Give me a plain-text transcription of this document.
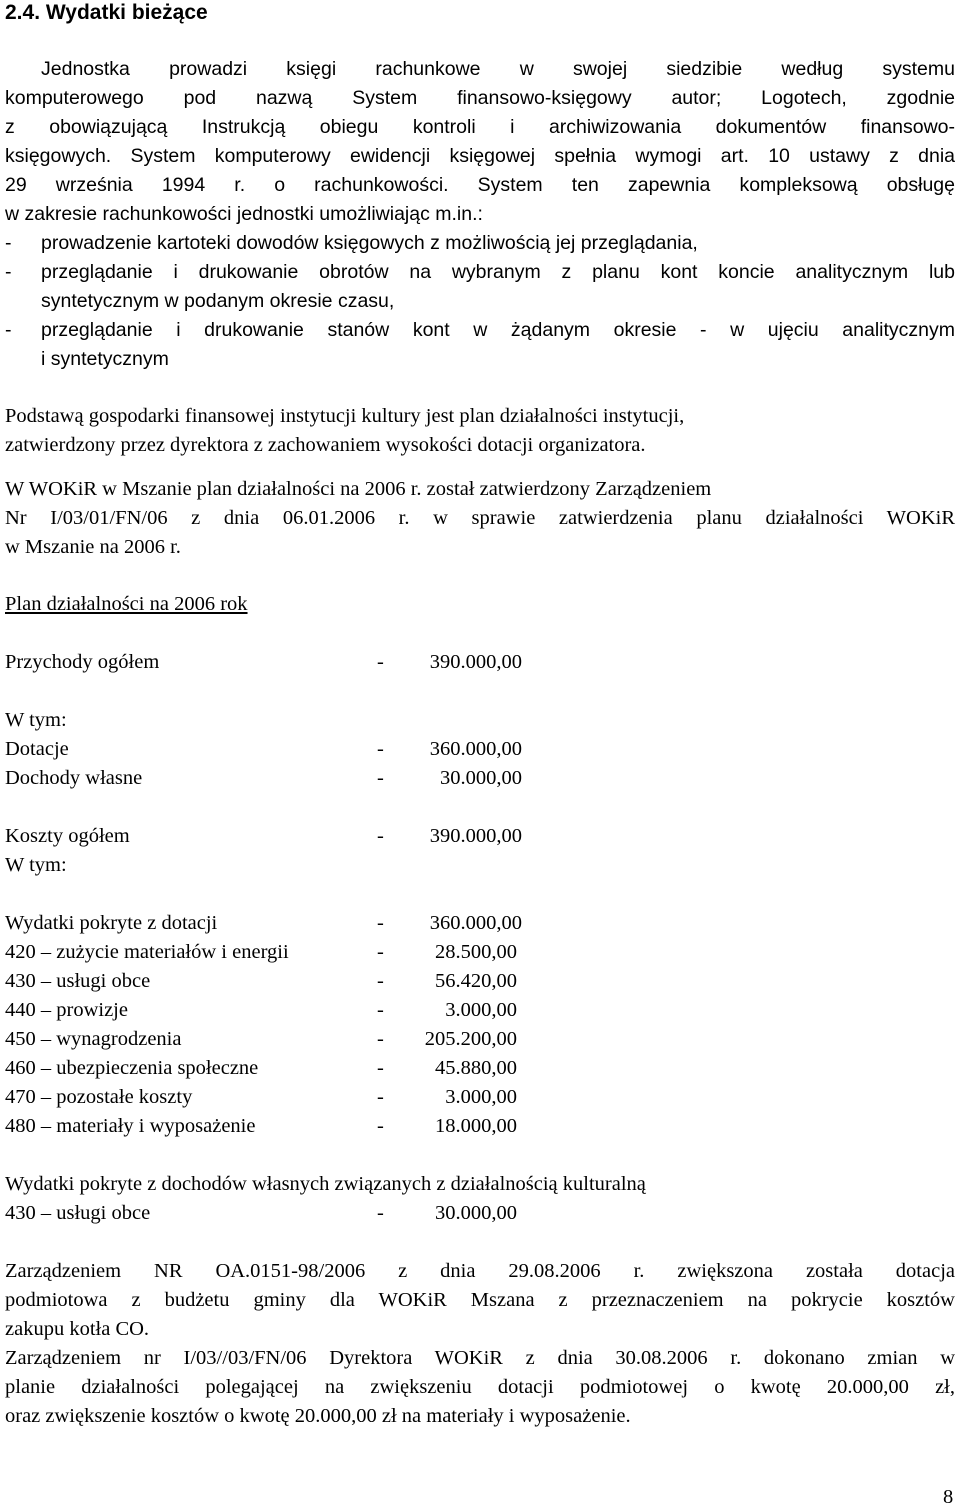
2.4. Wydatki bieżące
Jednostka prowadzi księgi rachunkowe w swojej siedzibie według systemu
komputerowego pod nazwą System finansowo-księgowy autor; Logotech, zgodnie
z obowiązującą Instrukcją obiegu kontroli i archiwizowania dokumentów finansowo-
księgowych. System komputerowy ewidencji księgowej spełnia wymogi art. 10 ustawy z dnia
29 września 1994 r. o rachunkowości. System ten zapewnia kompleksową obsługę
w zakresie rachunkowości jednostki umożliwiając m.in.:
- prowadzenie kartoteki dowodów księgowych z możliwością jej przeglądania,
- przeglądanie i drukowanie obrotów na wybranym z planu kont koncie analitycznym lub
syntetycznym w podanym okresie czasu,
- przeglądanie i drukowanie stanów kont w żądanym okresie - w ujęciu analitycznym
i syntetycznym
Podstawą gospodarki finansowej instytucji kultury jest plan działalności instytucji,
zatwierdzony przez dyrektora z zachowaniem wysokości dotacji organizatora.
W WOKiR w Mszanie plan działalności na 2006 r. został zatwierdzony Zarządzeniem
Nr I/03/01/FN/06 z dnia 06.01.2006 r. w sprawie zatwierdzenia planu działalności WOKiR
w Mszanie na 2006 r.
Plan działalności na 2006 rok
Przychody ogółem	- 390.000,00
W tym:
Dotacje	- 360.000,00
Dochody własne	-	30.000,00
Koszty ogółem	- 390.000,00
W tym:
Wydatki pokryte z dotacji	- 360.000,00
420 – zużycie materiałów i energii	- 28.500,00
430 – usługi obce	- 56.420,00
440 – prowizje	-	3.000,00
450 – wynagrodzenia	- 205.200,00
460 – ubezpieczenia społeczne	- 45.880,00
470 – pozostałe koszty	-	3.000,00
480 – materiały i wyposażenie	- 18.000,00
Wydatki pokryte z dochodów własnych związanych z działalnością kulturalną
430 – usługi obce	- 30.000,00
Zarządzeniem NR OA.0151-98/2006 z dnia 29.08.2006 r. zwiększona została dotacja
podmiotowa z budżetu gminy dla WOKiR Mszana z przeznaczeniem na pokrycie kosztów
zakupu kotła CO.
Zarządzeniem nr I/03//03/FN/06 Dyrektora WOKiR z dnia 30.08.2006 r. dokonano zmian w
planie działalności polegającej na zwiększeniu dotacji podmiotowej o kwotę 20.000,00 zł,
oraz zwiększenie kosztów o kwotę 20.000,00 zł na materiały i wyposażenie.
8
